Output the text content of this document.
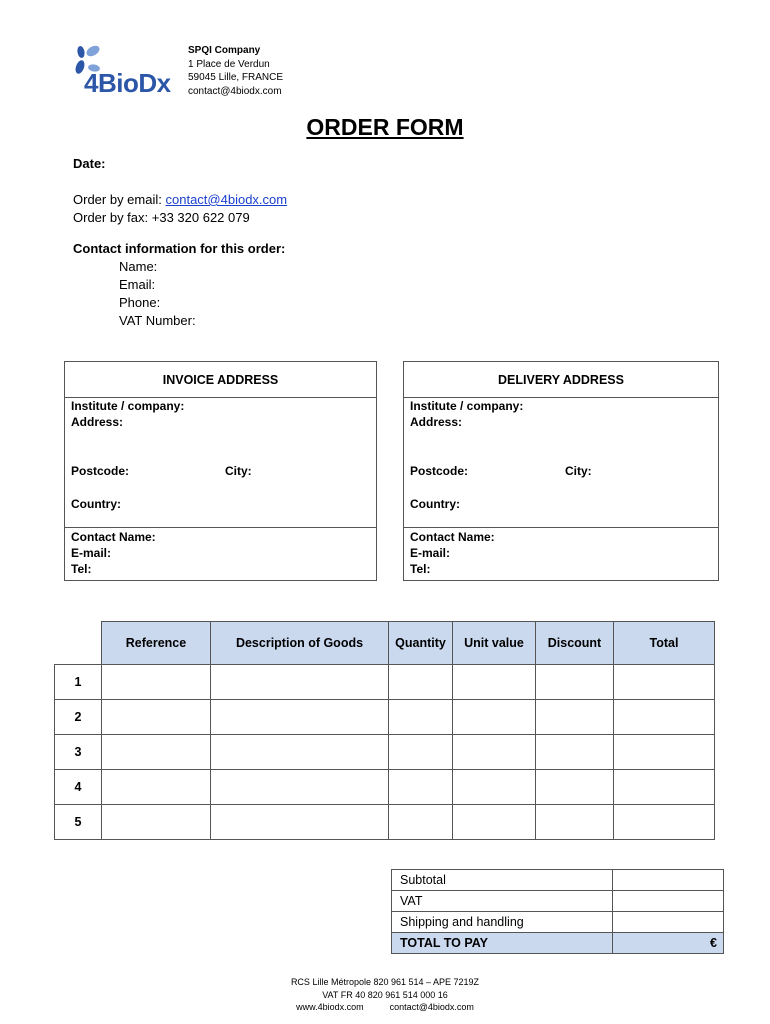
4BioDx
SPQI Company
1 Place de Verdun
59045 Lille, FRANCE
contact@4biodx.com
ORDER FORM
Date:
Order by email: contact@4biodx.com
Order by fax: +33 320 622 079
Contact information for this order:
Name:
Email:
Phone:
VAT Number:
INVOICE ADDRESS
Institute / company:
Address:
Postcode:	City:
Country:
Contact Name:
E-mail:
Tel:
DELIVERY ADDRESS
Institute / company:
Address:
Postcode:	City:
Country:
Contact Name:
E-mail:
Tel:
	Reference	Description of Goods	Quantity	Unit value	Discount	Total
1						
2						
3						
4						
5						
Subtotal	
VAT	
Shipping and handling	
TOTAL TO PAY	€
RCS Lille Métropole 820 961 514 – APE 7219Z
VAT FR 40 820 961 514 000 16
www.4biodx.com	contact@4biodx.com
